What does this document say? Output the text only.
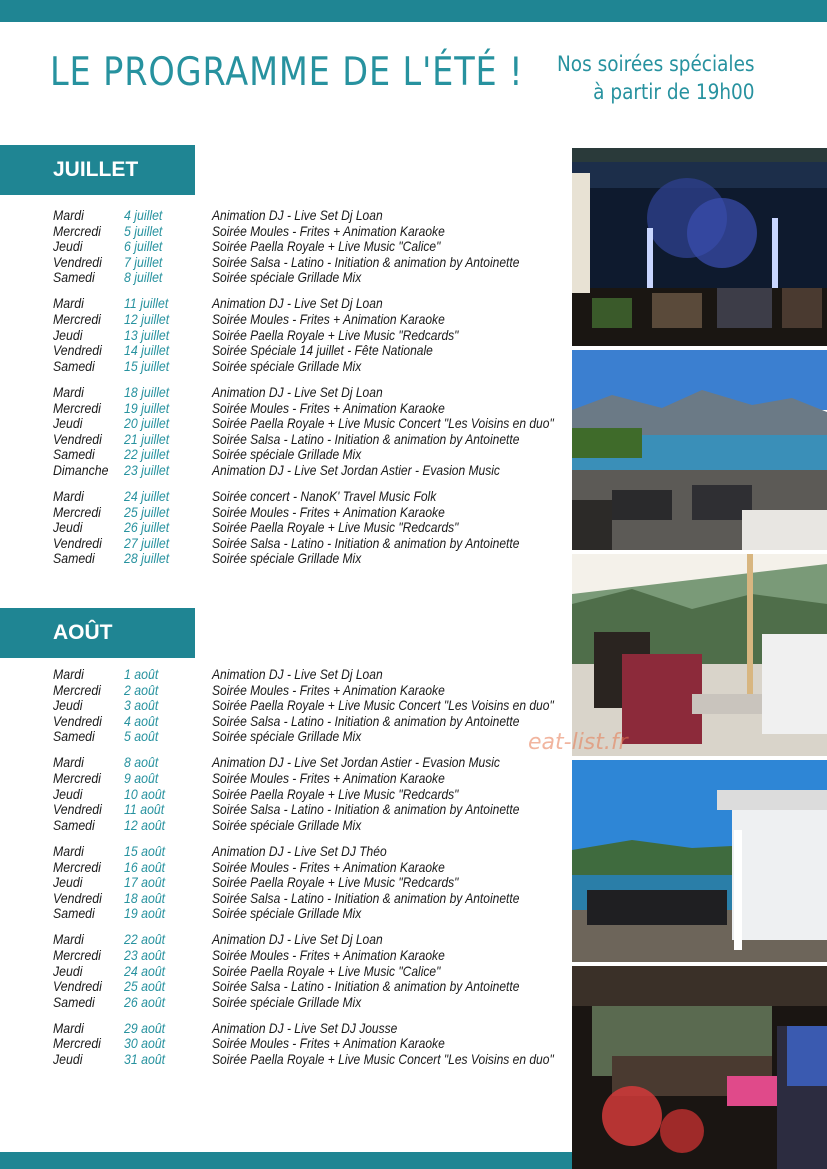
LE PROGRAMME DE L'ÉTÉ ! Nos soirées spéciales
à partir de 19h00
JUILLET
Mardi	4 juillet	Animation DJ - Live Set Dj Loan
Mercredi 5 juillet	Soirée Moules - Frites + Animation Karaoke
Jeudi	6 juillet	Soirée Paella Royale + Live Music "Calice"
Vendredi 7 juillet	Soirée Salsa - Latino - Initiation & animation by Antoinette
Samedi 8 juillet	Soirée spéciale Grillade Mix
Mardi	11 juillet	Animation DJ - Live Set Dj Loan
Mercredi 12 juillet	Soirée Moules - Frites + Animation Karaoke
Jeudi	13 juillet	Soirée Paella Royale + Live Music "Redcards"
Vendredi 14 juillet	Soirée Spéciale 14 juillet - Fête Nationale
Samedi 15 juillet	Soirée spéciale Grillade Mix
Mardi	18 juillet	Animation DJ - Live Set Dj Loan
Mercredi 19 juillet	Soirée Moules - Frites + Animation Karaoke
Jeudi	20 juillet	Soirée Paella Royale + Live Music Concert "Les Voisins en duo"
Vendredi 21 juillet	Soirée Salsa - Latino - Initiation & animation by Antoinette
Samedi 22 juillet	Soirée spéciale Grillade Mix
Dimanche 23 juillet	Animation DJ - Live Set Jordan Astier - Evasion Music
Mardi	24 juillet	Soirée concert - NanoK' Travel Music Folk
Mercredi 25 juillet	Soirée Moules - Frites + Animation Karaoke
Jeudi	26 juillet	Soirée Paella Royale + Live Music "Redcards"
Vendredi 27 juillet	Soirée Salsa - Latino - Initiation & animation by Antoinette
Samedi 28 juillet	Soirée spéciale Grillade Mix
AOÛT
Mardi	1 août	Animation DJ - Live Set Dj Loan
Mercredi 2 août	Soirée Moules - Frites + Animation Karaoke
Jeudi	3 août	Soirée Paella Royale + Live Music Concert "Les Voisins en duo"
Vendredi 4 août	Soirée Salsa - Latino - Initiation & animation by Antoinette
Samedi 5 août	Soirée spéciale Grillade Mix
Mardi	8 août	Animation DJ - Live Set Jordan Astier - Evasion Music
Mercredi 9 août	Soirée Moules - Frites + Animation Karaoke
Jeudi	10 août	Soirée Paella Royale + Live Music "Redcards"
Vendredi 11 août	Soirée Salsa - Latino - Initiation & animation by Antoinette
Samedi 12 août	Soirée spéciale Grillade Mix
Mardi	15 août	Animation DJ - Live Set DJ Théo
Mercredi 16 août	Soirée Moules - Frites + Animation Karaoke
Jeudi	17 août	Soirée Paella Royale + Live Music "Redcards"
Vendredi 18 août	Soirée Salsa - Latino - Initiation & animation by Antoinette
Samedi 19 août	Soirée spéciale Grillade Mix
Mardi	22 août	Animation DJ - Live Set Dj Loan
Mercredi 23 août	Soirée Moules - Frites + Animation Karaoke
Jeudi	24 août	Soirée Paella Royale + Live Music "Calice"
Vendredi 25 août	Soirée Salsa - Latino - Initiation & animation by Antoinette
Samedi 26 août	Soirée spéciale Grillade Mix
Mardi	29 août	Animation DJ - Live Set DJ Jousse
Mercredi 30 août	Soirée Moules - Frites + Animation Karaoke
Jeudi	31 août	Soirée Paella Royale + Live Music Concert "Les Voisins en duo"
eat-list.fr
